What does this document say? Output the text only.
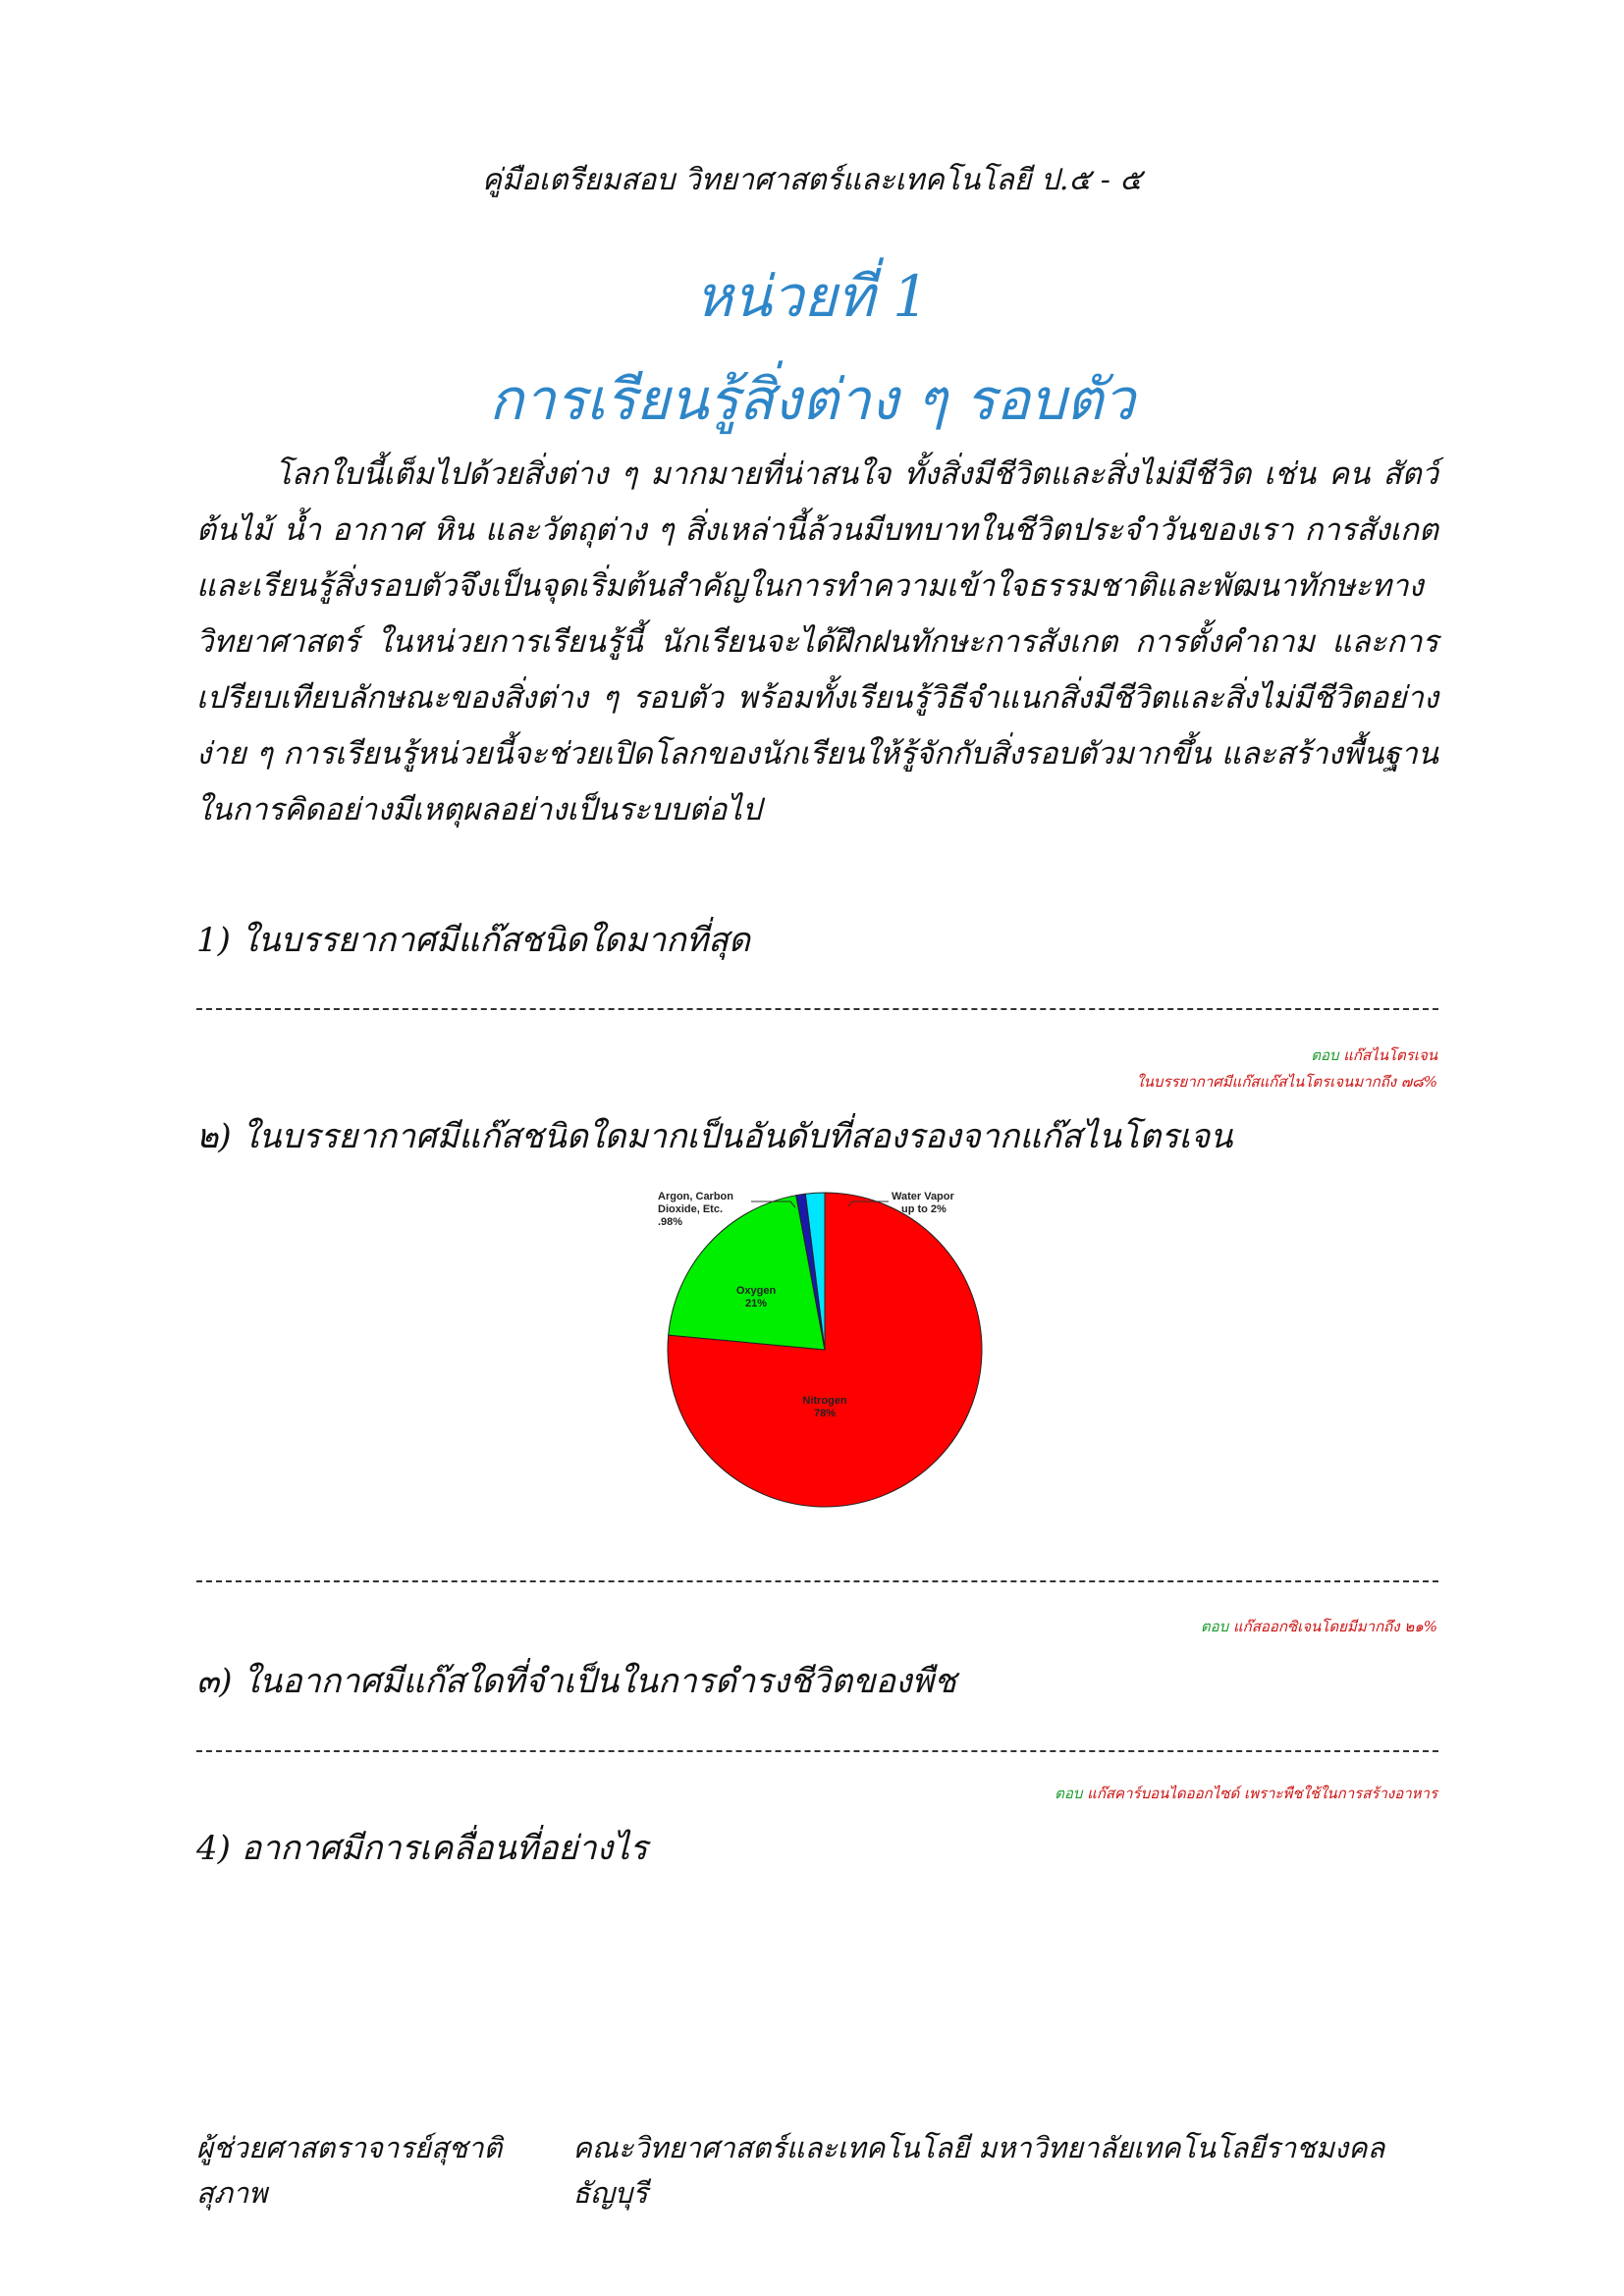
คู่มือเตรียมสอบ วิทยาศาสตร์และเทคโนโลยี ป.๕ - ๕
หน่วยที่ 1
การเรียนรู้สิ่งต่าง ๆ รอบตัว
โลกใบนี้เต็มไปด้วยสิ่งต่าง ๆ มากมายที่น่าสนใจ ทั้งสิ่งมีชีวิตและสิ่งไม่มีชีวิต เช่น คน สัตว์ ต้นไม้ น้ำ อากาศ หิน และวัตถุต่าง ๆ สิ่งเหล่านี้ล้วนมีบทบาทในชีวิตประจำวันของเรา การสังเกตและเรียนรู้สิ่งรอบตัวจึงเป็นจุดเริ่มต้นสำคัญในการทำความเข้าใจธรรมชาติและพัฒนาทักษะทางวิทยาศาสตร์ ในหน่วยการเรียนรู้นี้ นักเรียนจะได้ฝึกฝนทักษะการสังเกต การตั้งคำถาม และการเปรียบเทียบลักษณะของสิ่งต่าง ๆ รอบตัว พร้อมทั้งเรียนรู้วิธีจำแนกสิ่งมีชีวิตและสิ่งไม่มีชีวิตอย่างง่าย ๆ การเรียนรู้หน่วยนี้จะช่วยเปิดโลกของนักเรียนให้รู้จักกับสิ่งรอบตัวมากขึ้น และสร้างพื้นฐานในการคิดอย่างมีเหตุผลอย่างเป็นระบบต่อไป
1) ในบรรยากาศมีแก๊สชนิดใดมากที่สุด
ตอบ แก๊สไนโตรเจน
ในบรรยากาศมีแก๊สแก๊สไนโตรเจนมากถึง ๗๘%
๒) ในบรรยากาศมีแก๊สชนิดใดมากเป็นอันดับที่สองรองจากแก๊สไนโตรเจน
Oxygen
21%
Nitrogen
78%
Argon, Carbon
Dioxide, Etc.
.98%
Water Vapor
up to 2%
ตอบ แก๊สออกซิเจนโดยมีมากถึง ๒๑%
๓) ในอากาศมีแก๊สใดที่จำเป็นในการดำรงชีวิตของพืช
ตอบ แก๊สคาร์บอนไดออกไซด์ เพราะพืชใช้ในการสร้างอาหาร
4) อากาศมีการเคลื่อนที่อย่างไร
ผู้ช่วยศาสตราจารย์สุชาติ สุภาพ
คณะวิทยาศาสตร์และเทคโนโลยี มหาวิทยาลัยเทคโนโลยีราชมงคลธัญบุรี
